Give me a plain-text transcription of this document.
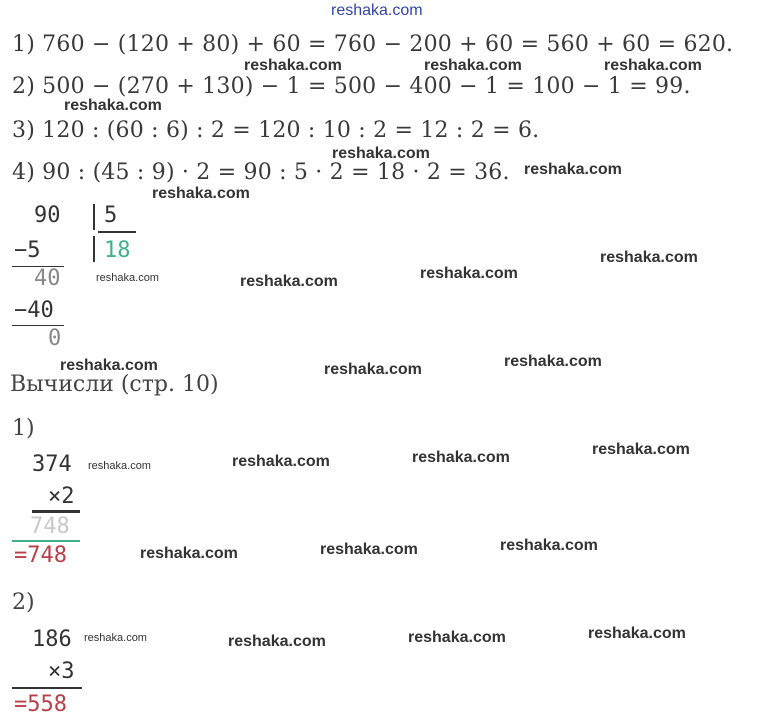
reshaka.com
1) 760 − (120 + 80) + 60 = 760 − 200 + 60 = 560 + 60 = 620.
2) 500 − (270 + 130) − 1 = 500 − 400 − 1 = 100 − 1 = 99.
3) 120 : (60 : 6) : 2 = 120 : 10 : 2 = 12 : 2 = 6.
4) 90 : (45 : 9) · 2 = 90 : 5 · 2 = 18 · 2 = 36.
90 5
18
−5
40
−40
0
Вычисли (стр. 10)
1)
374
×2
748
=748
2)
186
×3
=558
reshaka.com	reshaka.com	reshaka.com
reshaka.com
reshaka.com
reshaka.com
reshaka.com
reshaka.com	reshaka.com	reshaka.com
reshaka.com
reshaka.com	reshaka.com	reshaka.com
reshaka.com	reshaka.com	reshaka.com	reshaka.com
reshaka.com	reshaka.com	reshaka.com
reshaka.com	reshaka.com	reshaka.com	reshaka.com
